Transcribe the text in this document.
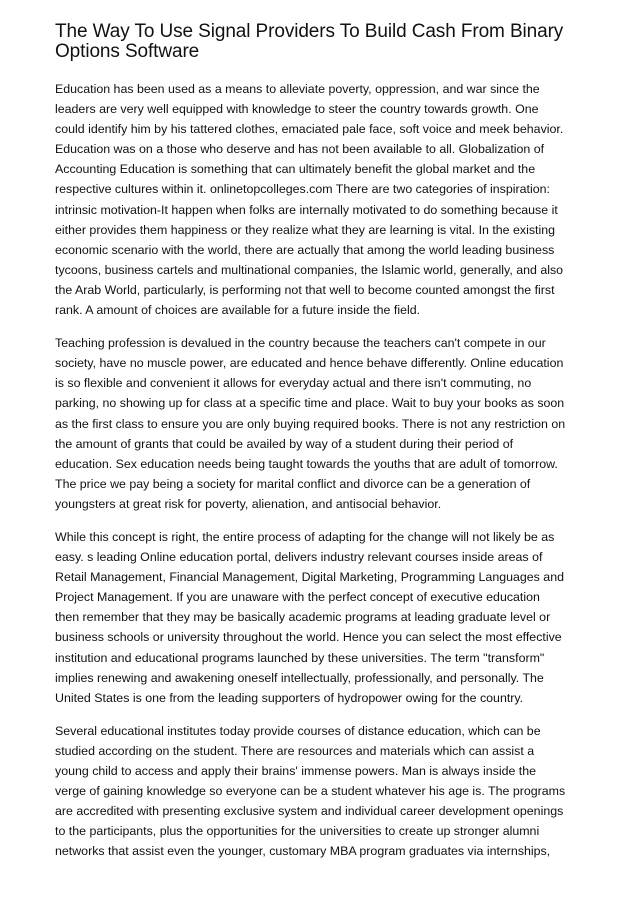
The Way To Use Signal Providers To Build Cash From Binary
Options Software

Education has been used as a means to alleviate poverty, oppression, and war since the
leaders are very well equipped with knowledge to steer the country towards growth. One
could identify him by his tattered clothes, emaciated pale face, soft voice and meek behavior.
Education was on a those who deserve and has not been available to all. Globalization of
Accounting Education is something that can ultimately benefit the global market and the
respective cultures within it. onlinetopcolleges.com There are two categories of inspiration:
intrinsic motivation-It happen when folks are internally motivated to do something because it
either provides them happiness or they realize what they are learning is vital. In the existing
economic scenario with the world, there are actually that among the world leading business
tycoons, business cartels and multinational companies, the Islamic world, generally, and also
the Arab World, particularly, is performing not that well to become counted amongst the first
rank. A amount of choices are available for a future inside the field.

Teaching profession is devalued in the country because the teachers can't compete in our
society, have no muscle power, are educated and hence behave differently. Online education
is so flexible and convenient it allows for everyday actual and there isn't commuting, no
parking, no showing up for class at a specific time and place. Wait to buy your books as soon
as the first class to ensure you are only buying required books. There is not any restriction on
the amount of grants that could be availed by way of a student during their period of
education. Sex education needs being taught towards the youths that are adult of tomorrow.
The price we pay being a society for marital conflict and divorce can be a generation of
youngsters at great risk for poverty, alienation, and antisocial behavior.

While this concept is right, the entire process of adapting for the change will not likely be as
easy. s leading Online education portal, delivers industry relevant courses inside areas of
Retail Management, Financial Management, Digital Marketing, Programming Languages and
Project Management. If you are unaware with the perfect concept of executive education
then remember that they may be basically academic programs at leading graduate level or
business schools or university throughout the world. Hence you can select the most effective
institution and educational programs launched by these universities. The term "transform"
implies renewing and awakening oneself intellectually, professionally, and personally. The
United States is one from the leading supporters of hydropower owing for the country.

Several educational institutes today provide courses of distance education, which can be
studied according on the student. There are resources and materials which can assist a
young child to access and apply their brains' immense powers. Man is always inside the
verge of gaining knowledge so everyone can be a student whatever his age is. The programs
are accredited with presenting exclusive system and individual career development openings
to the participants, plus the opportunities for the universities to create up stronger alumni
networks that assist even the younger, customary MBA program graduates via internships,
